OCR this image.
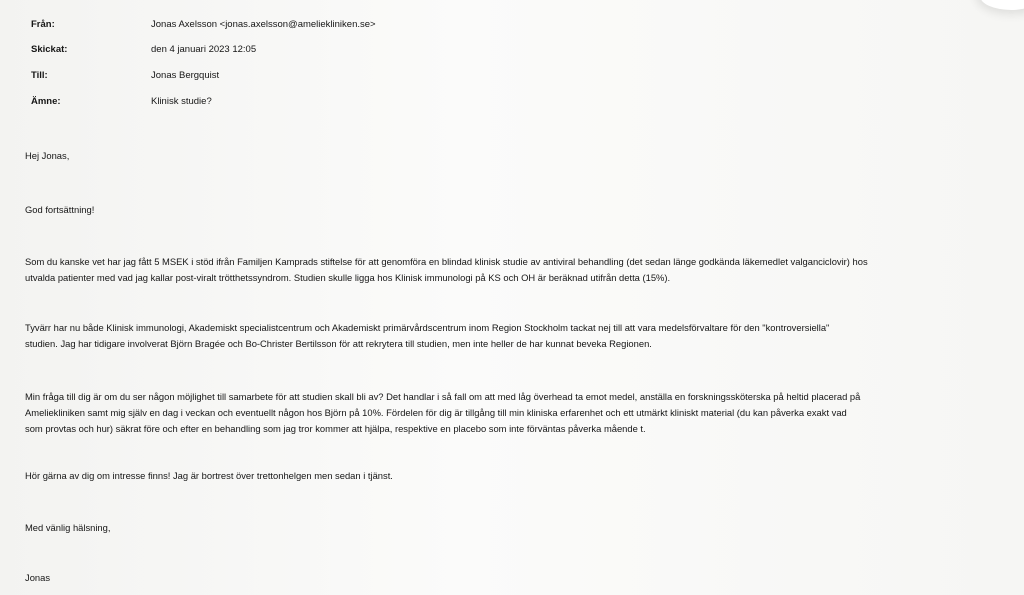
Från:	Jonas Axelsson <jonas.axelsson@ameliekliniken.se>
Skickat:	den 4 januari 2023 12:05
Till:	Jonas Bergquist
Ämne:	Klinisk studie?
Hej Jonas,
God fortsättning!
Som du kanske vet har jag fått 5 MSEK i stöd ifrån Familjen Kamprads stiftelse för att genomföra en blindad klinisk studie av antiviral behandling (det sedan länge godkända läkemedlet valganciclovir) hos
utvalda patienter med vad jag kallar post-viralt trötthetssyndrom. Studien skulle ligga hos Klinisk immunologi på KS och OH är beräknad utifrån detta (15%).
Tyvärr har nu både Klinisk immunologi, Akademiskt specialistcentrum och Akademiskt primärvårdscentrum inom Region Stockholm tackat nej till att vara medelsförvaltare för den "kontroversiella"
studien. Jag har tidigare involverat Björn Bragée och Bo-Christer Bertilsson för att rekrytera till studien, men inte heller de har kunnat beveka Regionen.
Min fråga till dig är om du ser någon möjlighet till samarbete för att studien skall bli av? Det handlar i så fall om att med låg överhead ta emot medel, anställa en forskningssköterska på heltid placerad på
Ameliekliniken samt mig själv en dag i veckan och eventuellt någon hos Björn på 10%. Fördelen för dig är tillgång till min kliniska erfarenhet och ett utmärkt kliniskt material (du kan påverka exakt vad
som provtas och hur) säkrat före och efter en behandling som jag tror kommer att hjälpa, respektive en placebo som inte förväntas påverka mående t.
Hör gärna av dig om intresse finns! Jag är bortrest över trettonhelgen men sedan i tjänst.
Med vänlig hälsning,
Jonas
